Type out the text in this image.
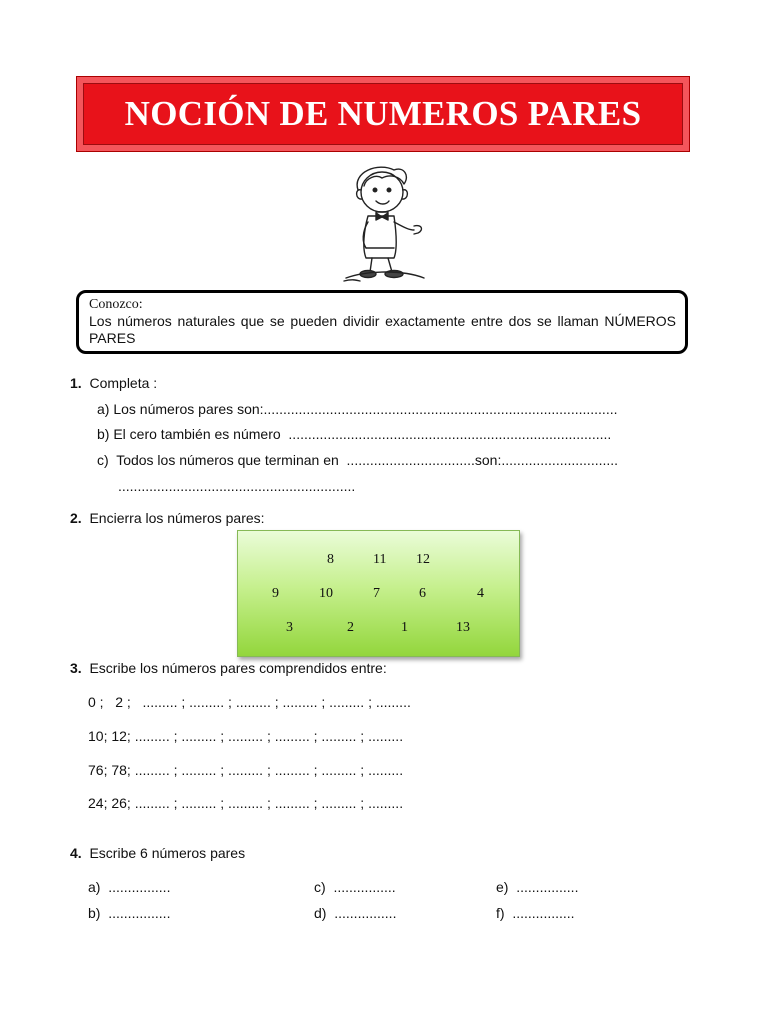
NOCIÓN DE NUMEROS PARES
Conozco:
Los números naturales que se pueden dividir exactamente entre dos se llaman NÚMEROS PARES
1. Completa :
a) Los números pares son:...........................................................................................
b) El cero también es número  ...................................................................................
c)  Todos los números que terminan en  .................................son:..............................
.............................................................
2. Encierra los números pares:
8	11 12
9	10	7	6	4
3	2	1	13
3. Escribe los números pares comprendidos entre:
0 ;   2 ;   ......... ; ......... ; ......... ; ......... ; ......... ; .........
10; 12; ......... ; ......... ; ......... ; ......... ; ......... ; .........
76; 78; ......... ; ......... ; ......... ; ......... ; ......... ; .........
24; 26; ......... ; ......... ; ......... ; ......... ; ......... ; .........
4. Escribe 6 números pares
a)  ................	c)  ................	e)  ................
b)  ................	d)  ................	f)  ................
